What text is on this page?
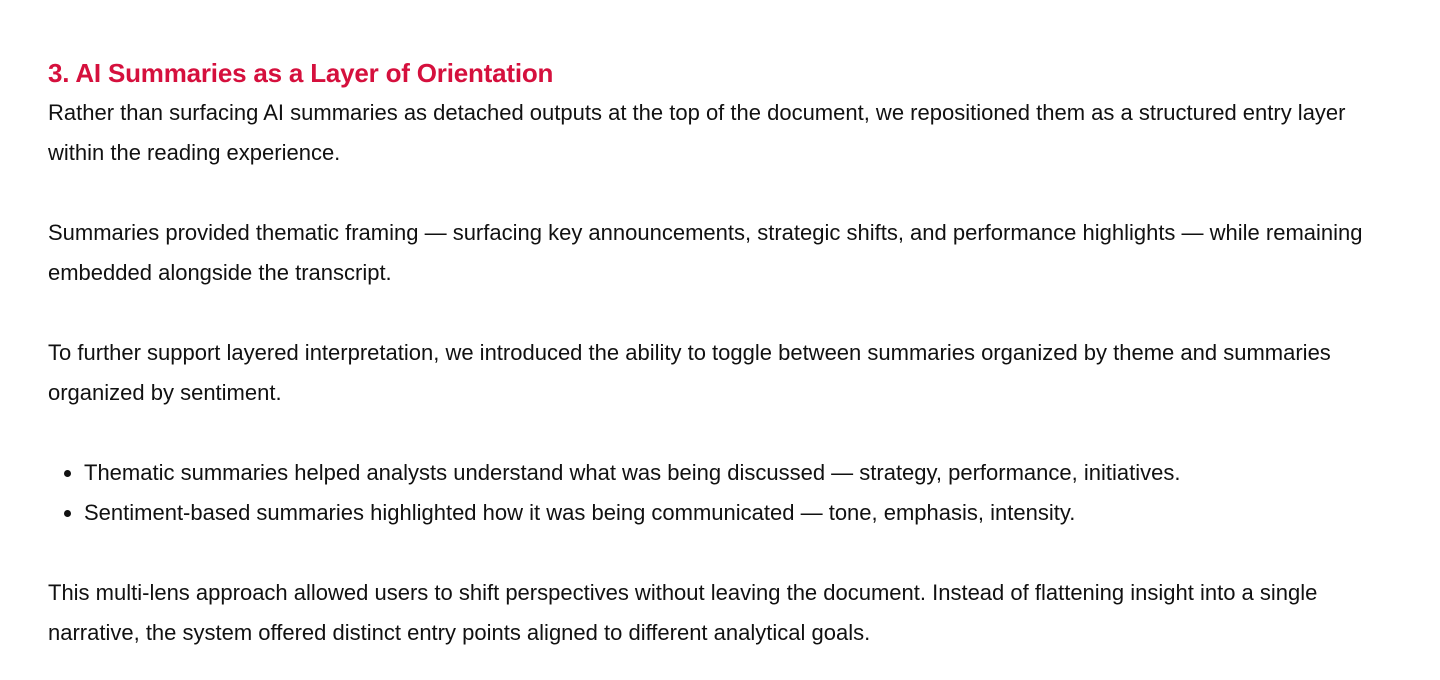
3. AI Summaries as a Layer of Orientation

Rather than surfacing AI summaries as detached outputs at the top of the document, we repositioned them as a structured entry layer within the reading experience.

Summaries provided thematic framing — surfacing key announcements, strategic shifts, and performance highlights — while remaining embedded alongside the transcript.

To further support layered interpretation, we introduced the ability to toggle between summaries organized by theme and summaries organized by sentiment.

• Thematic summaries helped analysts understand what was being discussed — strategy, performance, initiatives.
• Sentiment-based summaries highlighted how it was being communicated — tone, emphasis, intensity.

This multi-lens approach allowed users to shift perspectives without leaving the document. Instead of flattening insight into a single narrative, the system offered distinct entry points aligned to different analytical goals.
